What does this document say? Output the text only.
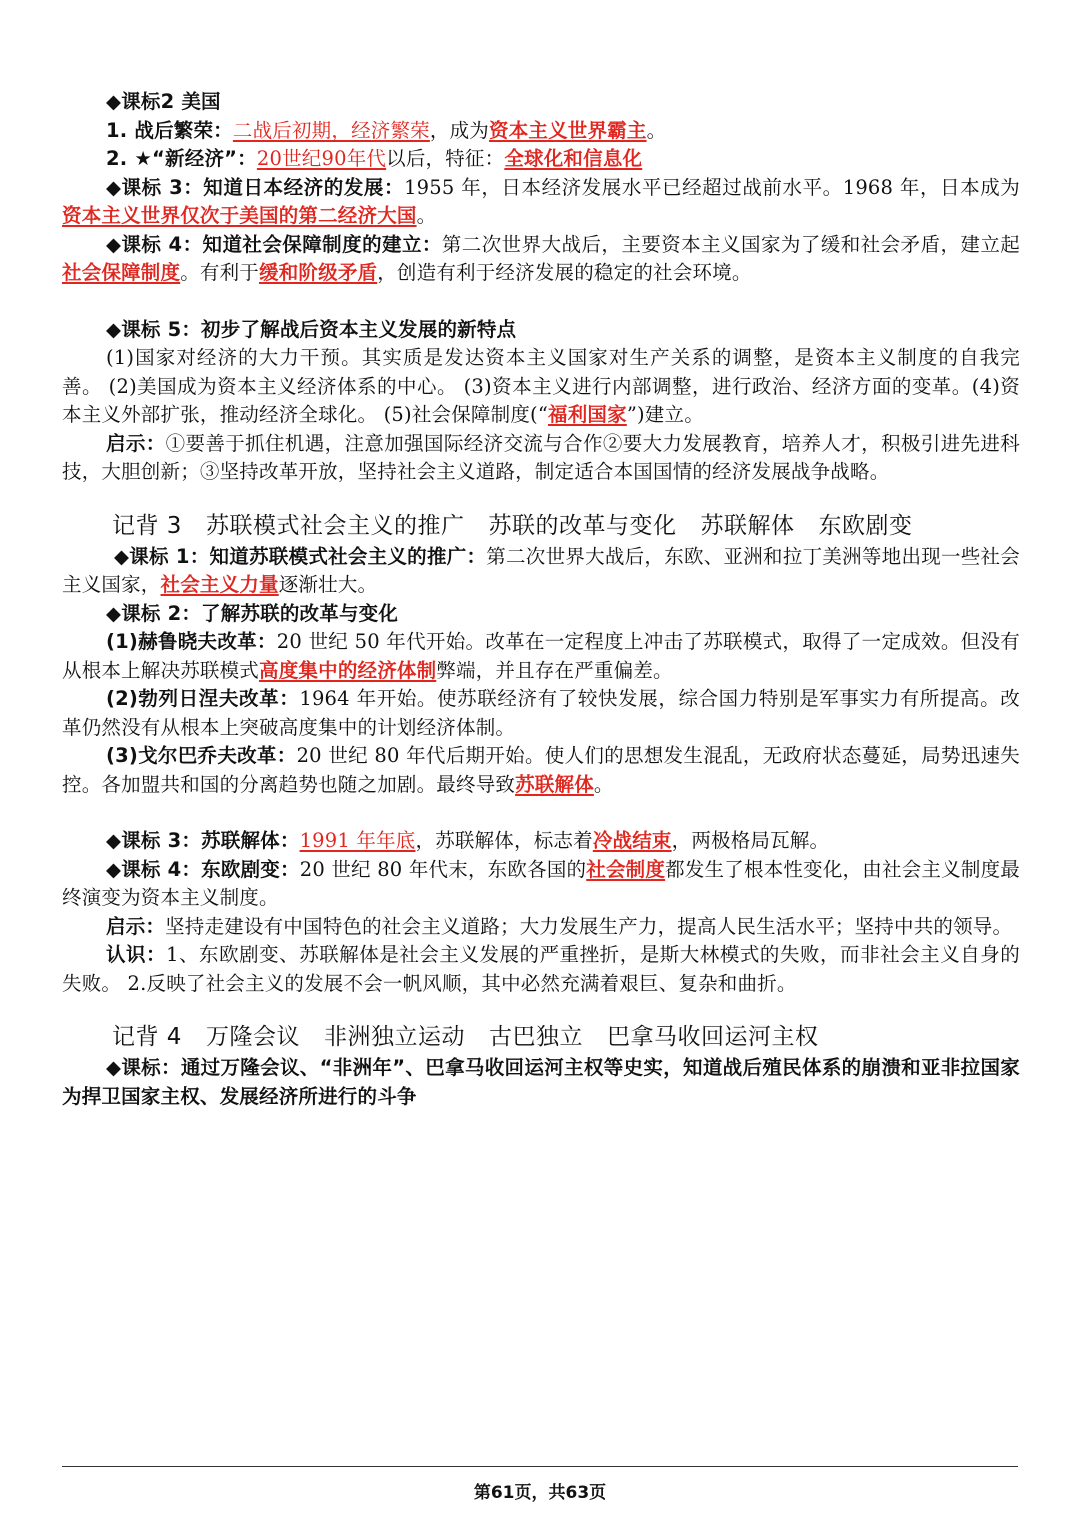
◆课标2 美国

1. 战后繁荣：二战后初期，经济繁荣，成为资本主义世界霸主。

2. ★“新经济”：20世纪90年代以后，特征：全球化和信息化

◆课标 3：知道日本经济的发展：1955 年，日本经济发展水平已经超过战前水平。1968 年，日本成为资本主义世界仅次于美国的第二经济大国。

◆课标 4：知道社会保障制度的建立：第二次世界大战后，主要资本主义国家为了缓和社会矛盾，建立起社会保障制度。有利于缓和阶级矛盾，创造有利于经济发展的稳定的社会环境。

◆课标 5：初步了解战后资本主义发展的新特点

(1)国家对经济的大力干预。其实质是发达资本主义国家对生产关系的调整，是资本主义制度的自我完善。 (2)美国成为资本主义经济体系的中心。 (3)资本主义进行内部调整，进行政治、经济方面的变革。(4)资本主义外部扩张，推动经济全球化。 (5)社会保障制度(“福利国家”)建立。

启示：①要善于抓住机遇，注意加强国际经济交流与合作②要大力发展教育，培养人才，积极引进先进科技，大胆创新；③坚持改革开放，坚持社会主义道路，制定适合本国国情的经济发展战争战略。

记背 3 苏联模式社会主义的推广 苏联的改革与变化 苏联解体 东欧剧变

◆课标 1：知道苏联模式社会主义的推广：第二次世界大战后，东欧、亚洲和拉丁美洲等地出现一些社会主义国家，社会主义力量逐渐壮大。

◆课标 2：了解苏联的改革与变化

(1)赫鲁晓夫改革：20 世纪 50 年代开始。改革在一定程度上冲击了苏联模式，取得了一定成效。但没有从根本上解决苏联模式高度集中的经济体制弊端，并且存在严重偏差。

(2)勃列日涅夫改革：1964 年开始。使苏联经济有了较快发展，综合国力特别是军事实力有所提高。改革仍然没有从根本上突破高度集中的计划经济体制。

(3)戈尔巴乔夫改革：20 世纪 80 年代后期开始。使人们的思想发生混乱，无政府状态蔓延，局势迅速失控。各加盟共和国的分离趋势也随之加剧。最终导致苏联解体。

◆课标 3：苏联解体：1991 年年底，苏联解体，标志着冷战结束，两极格局瓦解。

◆课标 4：东欧剧变：20 世纪 80 年代末，东欧各国的社会制度都发生了根本性变化，由社会主义制度最终演变为资本主义制度。

启示：坚持走建设有中国特色的社会主义道路；大力发展生产力，提高人民生活水平；坚持中共的领导。

认识：1、东欧剧变、苏联解体是社会主义发展的严重挫折，是斯大林模式的失败，而非社会主义自身的失败。 2.反映了社会主义的发展不会一帆风顺，其中必然充满着艰巨、复杂和曲折。

记背 4 万隆会议 非洲独立运动 古巴独立 巴拿马收回运河主权

◆课标：通过万隆会议、“非洲年”、巴拿马收回运河主权等史实，知道战后殖民体系的崩溃和亚非拉国家为捍卫国家主权、发展经济所进行的斗争

第61页，共63页
